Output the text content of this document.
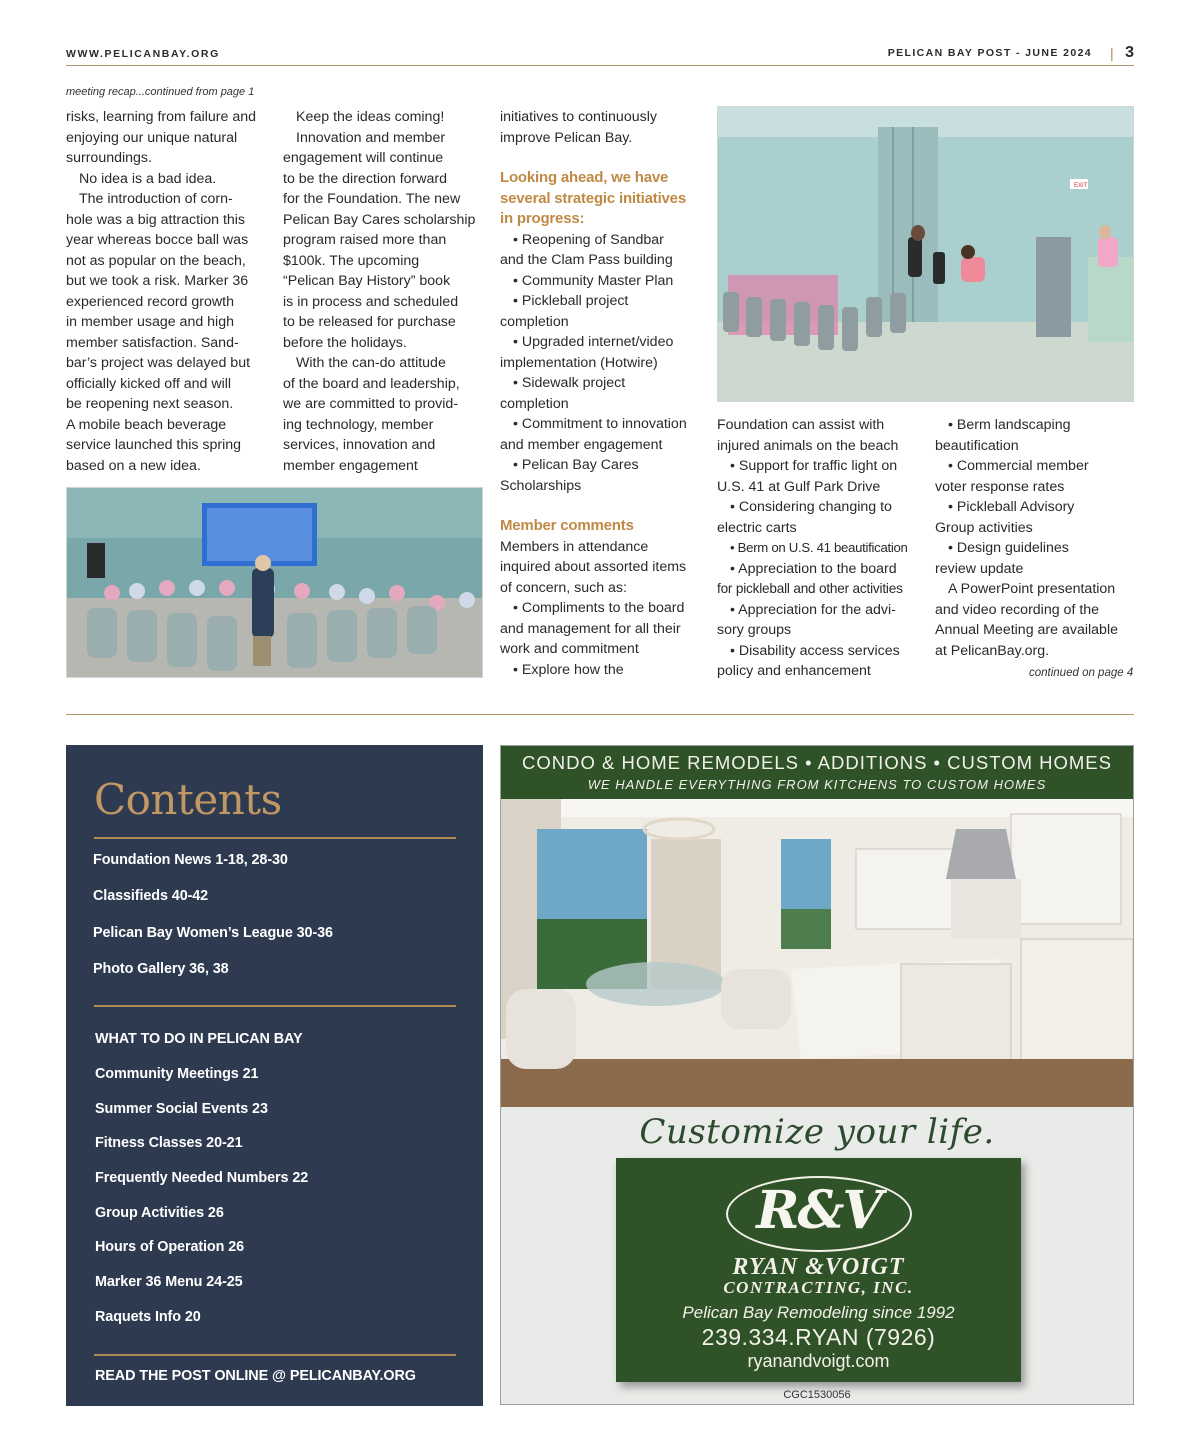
WWW.PELICANBAY.ORG	PELICAN BAY POST - JUNE 2024 | 3
meeting recap...continued from page 1

risks, learning from failure and

enjoying our unique natural

surroundings.

No idea is a bad idea.

The introduction of corn-

hole was a big attraction this

year whereas bocce ball was

not as popular on the beach,

but we took a risk. Marker 36

experienced record growth

in member usage and high

member satisfaction. Sand-

bar’s project was delayed but

officially kicked off and will

be reopening next season.

A mobile beach beverage

service launched this spring

based on a new idea.

Keep the ideas coming!

Innovation and member

engagement will continue

to be the direction forward

for the Foundation. The new

Pelican Bay Cares scholarship

program raised more than

$100k. The upcoming

“Pelican Bay History” book

is in process and scheduled

to be released for purchase

before the holidays.

With the can-do attitude

of the board and leadership,

we are committed to provid-

ing technology, member

services, innovation and

member engagement

initiatives to continuously

improve Pelican Bay.

Looking ahead, we have

several strategic initiatives

in progress:

• Reopening of Sandbar

and the Clam Pass building

• Community Master Plan

• Pickleball project

completion

• Upgraded internet/video

implementation (Hotwire)

• Sidewalk project

completion

• Commitment to innovation

and member engagement

• Pelican Bay Cares

Scholarships

Member comments

Members in attendance

inquired about assorted items

of concern, such as:

• Compliments to the board

and management for all their

work and commitment

• Explore how the

Foundation can assist with

injured animals on the beach

• Support for traffic light on

U.S. 41 at Gulf Park Drive

• Considering changing to

electric carts

• Berm on U.S. 41 beautification

• Appreciation to the board

for pickleball and other activities

• Appreciation for the advi-

sory groups

• Disability access services

policy and enhancement

• Berm landscaping

beautification

• Commercial member

voter response rates

• Pickleball Advisory

Group activities

• Design guidelines

review update

A PowerPoint presentation

and video recording of the

Annual Meeting are available

at PelicanBay.org.

continued on page 4
EXIT
Contents
Foundation News 1-18, 28-30
Classifieds 40-42
Pelican Bay Women’s League 30-36
Photo Gallery 36, 38
WHAT TO DO IN PELICAN BAY
Community Meetings 21
Summer Social Events 23
Fitness Classes 20-21
Frequently Needed Numbers 22
Group Activities 26
Hours of Operation 26
Marker 36 Menu 24-25
Raquets Info 20
READ THE POST ONLINE @ PELICANBAY.ORG
CONDO & HOME REMODELS • ADDITIONS • CUSTOM HOMES
WE HANDLE EVERYTHING FROM KITCHENS TO CUSTOM HOMES
Customize your life.
R&V
RYAN &VOIGT
CONTRACTING, INC.
Pelican Bay Remodeling since 1992
239.334.RYAN (7926)
ryanandvoigt.com
CGC1530056
